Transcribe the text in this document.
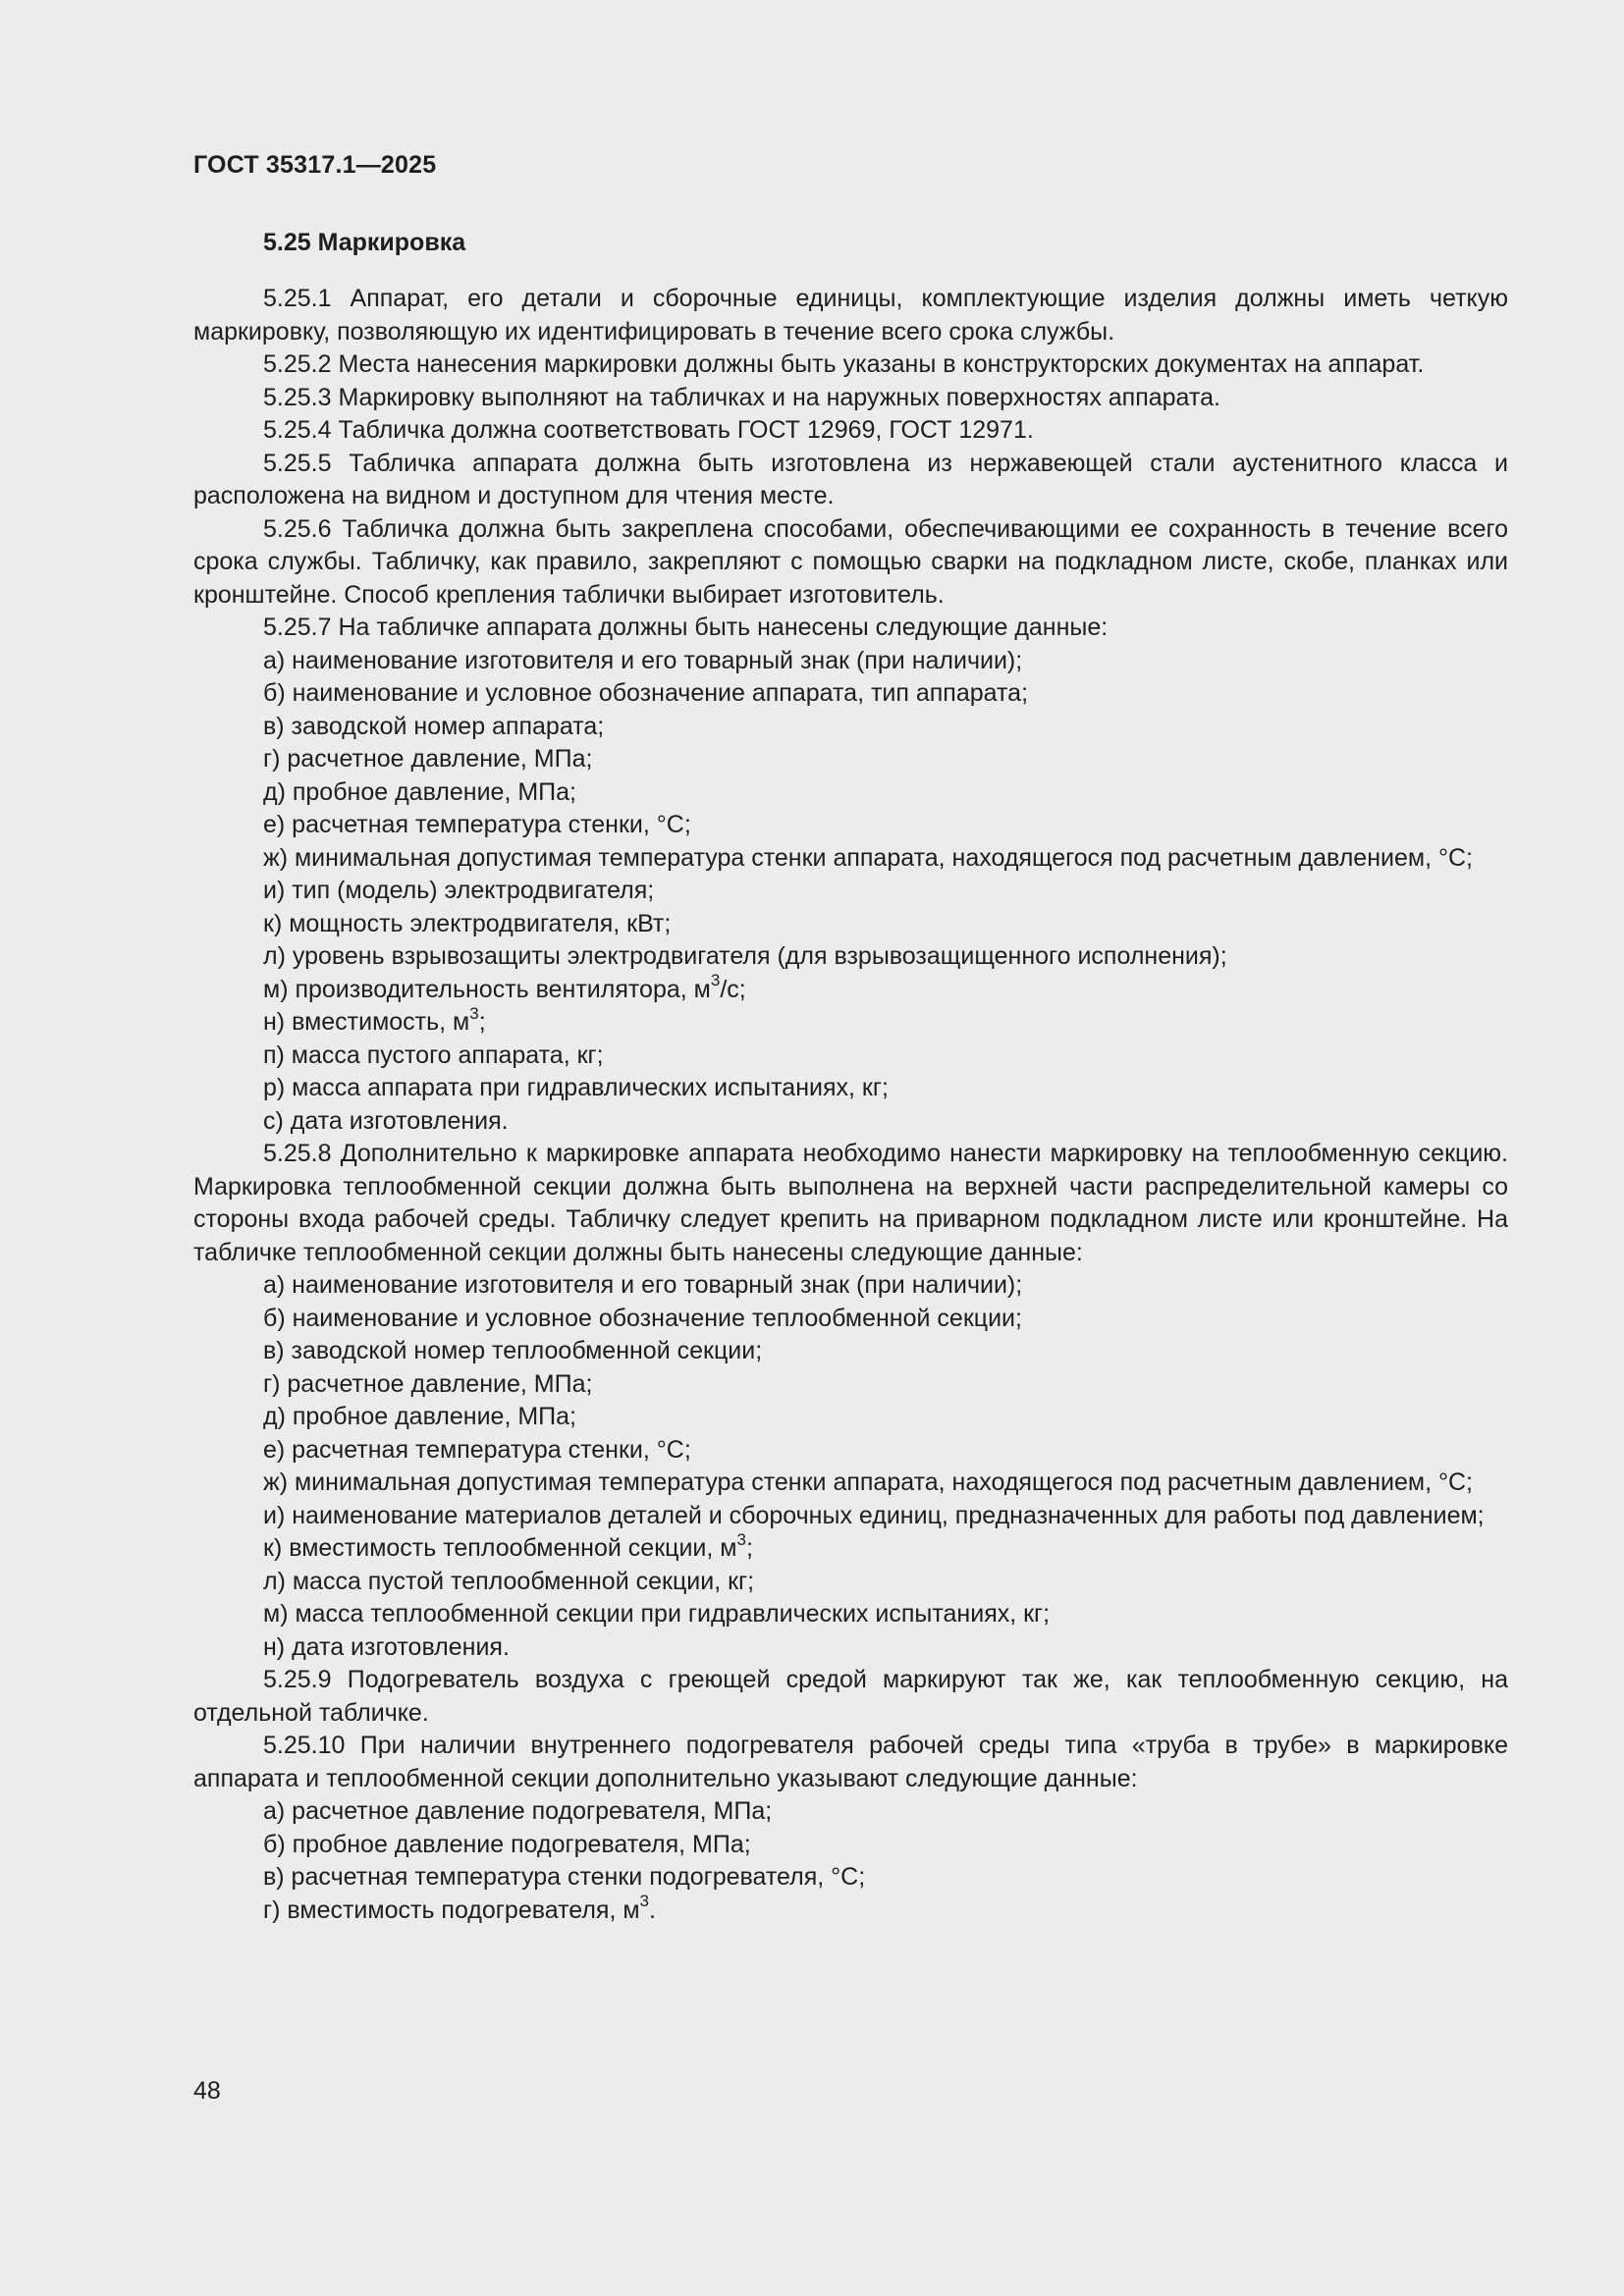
ГОСТ 35317.1—2025
5.25 Маркировка

5.25.1 Аппарат, его детали и сборочные единицы, комплектующие изделия должны иметь четкую маркировку, позволяющую их идентифицировать в течение всего срока службы.

5.25.2 Места нанесения маркировки должны быть указаны в конструкторских документах на аппарат.

5.25.3 Маркировку выполняют на табличках и на наружных поверхностях аппарата.

5.25.4 Табличка должна соответствовать ГОСТ 12969, ГОСТ 12971.

5.25.5 Табличка аппарата должна быть изготовлена из нержавеющей стали аустенитного класса и расположена на видном и доступном для чтения месте.

5.25.6 Табличка должна быть закреплена способами, обеспечивающими ее сохранность в течение всего срока службы. Табличку, как правило, закрепляют с помощью сварки на подкладном листе, скобе, планках или кронштейне. Способ крепления таблички выбирает изготовитель.

5.25.7 На табличке аппарата должны быть нанесены следующие данные:

а) наименование изготовителя и его товарный знак (при наличии);

б) наименование и условное обозначение аппарата, тип аппарата;

в) заводской номер аппарата;

г) расчетное давление, МПа;

д) пробное давление, МПа;

е) расчетная температура стенки, °С;

ж) минимальная допустимая температура стенки аппарата, находящегося под расчетным давлением, °С;

и) тип (модель) электродвигателя;

к) мощность электродвигателя, кВт;

л) уровень взрывозащиты электродвигателя (для взрывозащищенного исполнения);

м) производительность вентилятора, $м^3/с$;

н) вместимость, $м^3$;

п) масса пустого аппарата, кг;

р) масса аппарата при гидравлических испытаниях, кг;

с) дата изготовления.

5.25.8 Дополнительно к маркировке аппарата необходимо нанести маркировку на теплообменную секцию. Маркировка теплообменной секции должна быть выполнена на верхней части распределительной камеры со стороны входа рабочей среды. Табличку следует крепить на приварном подкладном листе или кронштейне. На табличке теплообменной секции должны быть нанесены следующие данные:

а) наименование изготовителя и его товарный знак (при наличии);

б) наименование и условное обозначение теплообменной секции;

в) заводской номер теплообменной секции;

г) расчетное давление, МПа;

д) пробное давление, МПа;

е) расчетная температура стенки, °С;

ж) минимальная допустимая температура стенки аппарата, находящегося под расчетным давлением, °С;

и) наименование материалов деталей и сборочных единиц, предназначенных для работы под давлением;

к) вместимость теплообменной секции, $м^3$;

л) масса пустой теплообменной секции, кг;

м) масса теплообменной секции при гидравлических испытаниях, кг;

н) дата изготовления.

5.25.9 Подогреватель воздуха с греющей средой маркируют так же, как теплообменную секцию, на отдельной табличке.

5.25.10 При наличии внутреннего подогревателя рабочей среды типа «труба в трубе» в маркировке аппарата и теплообменной секции дополнительно указывают следующие данные:

а) расчетное давление подогревателя, МПа;

б) пробное давление подогревателя, МПа;

в) расчетная температура стенки подогревателя, °С;

г) вместимость подогревателя, $м^3$.

48
